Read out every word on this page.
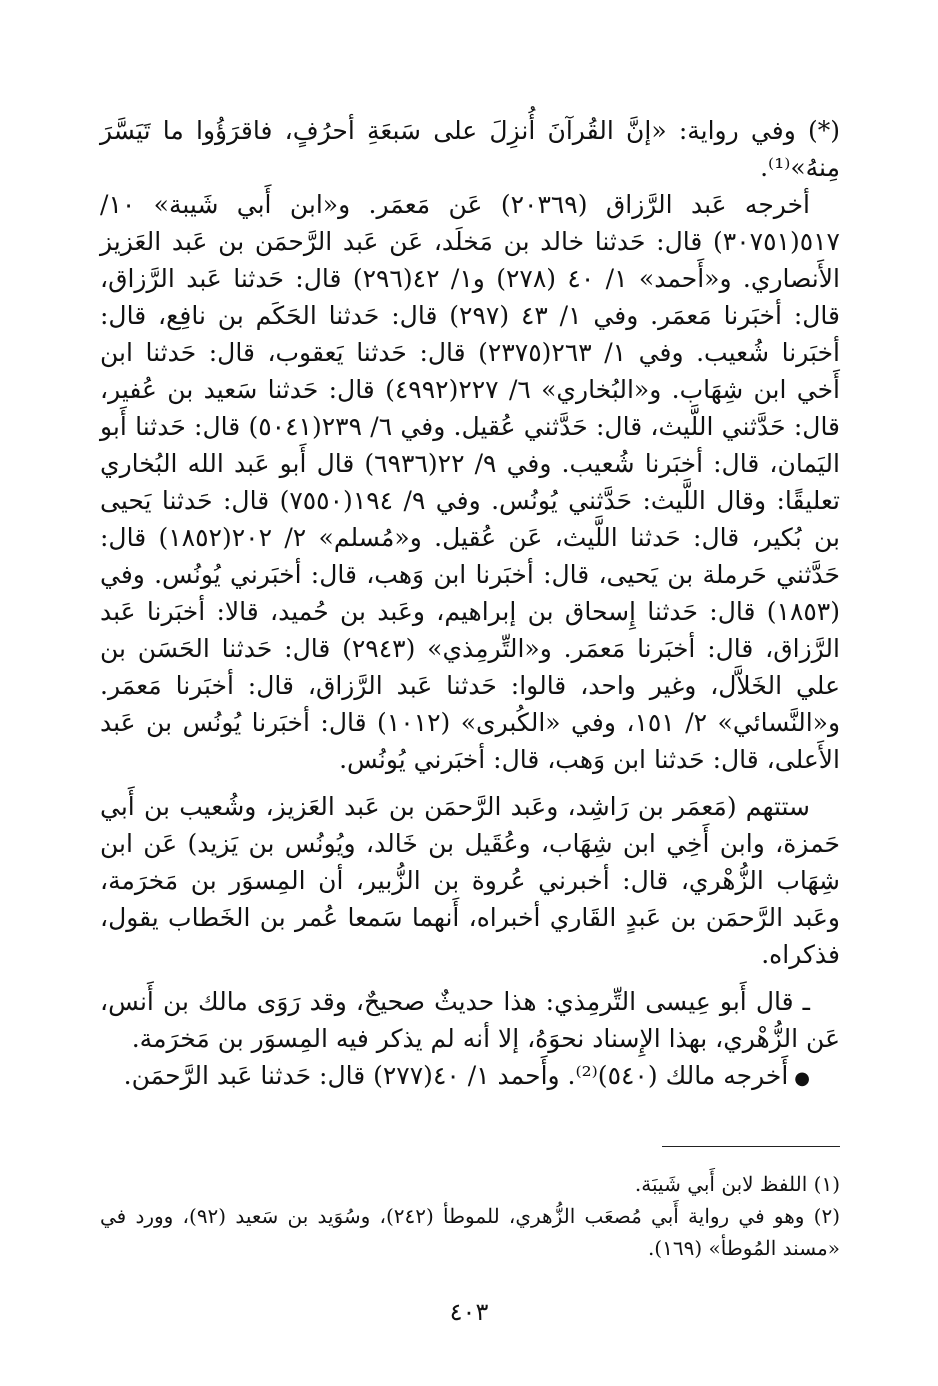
(*) وفي رواية: «إنَّ القُرآنَ أُنزِلَ على سَبعَةِ أحرُفٍ، فاقرَؤُوا ما تَيَسَّرَ مِنهُ»⁽¹⁾.

أخرجه عَبد الرَّزاق (٢٠٣٦٩) عَن مَعمَر. و«ابن أَبي شَيبة» ١٠/ ٥١٧(٣٠٧٥١) قال: حَدثنا خالد بن مَخلَد، عَن عَبد الرَّحمَن بن عَبد العَزيز الأَنصاري. و«أَحمد» ١/ ٤٠ (٢٧٨) و١/ ٤٢(٢٩٦) قال: حَدثنا عَبد الرَّزاق، قال: أخبَرنا مَعمَر. وفي ١/ ٤٣ (٢٩٧) قال: حَدثنا الحَكَم بن نافِع، قال: أخبَرنا شُعيب. وفي ١/ ٢٦٣(٢٣٧٥) قال: حَدثنا يَعقوب، قال: حَدثنا ابن أَخي ابن شِهَاب. و«البُخاري» ٦/ ٢٢٧(٤٩٩٢) قال: حَدثنا سَعيد بن عُفير، قال: حَدَّثني اللَّيث، قال: حَدَّثني عُقيل. وفي ٦/ ٢٣٩(٥٠٤١) قال: حَدثنا أَبو اليَمان، قال: أخبَرنا شُعيب. وفي ٩/ ٢٢(٦٩٣٦) قال أَبو عَبد الله البُخاري تعليقًا: وقال اللَّيث: حَدَّثني يُونُس. وفي ٩/ ١٩٤(٧٥٥٠) قال: حَدثنا يَحيى بن بُكير، قال: حَدثنا اللَّيث، عَن عُقيل. و«مُسلم» ٢/ ٢٠٢(١٨٥٢) قال: حَدَّثني حَرملة بن يَحيى، قال: أخبَرنا ابن وَهب، قال: أخبَرني يُونُس. وفي (١٨٥٣) قال: حَدثنا إِسحاق بن إبراهيم، وعَبد بن حُميد، قالا: أخبَرنا عَبد الرَّزاق، قال: أخبَرنا مَعمَر. و«التِّرمِذي» (٢٩٤٣) قال: حَدثنا الحَسَن بن علي الخَلاَّل، وغير واحد، قالوا: حَدثنا عَبد الرَّزاق، قال: أخبَرنا مَعمَر. و«النَّسائي» ٢/ ١٥١، وفي «الكُبرى» (١٠١٢) قال: أخبَرنا يُونُس بن عَبد الأَعلى، قال: حَدثنا ابن وَهب، قال: أخبَرني يُونُس.

ستتهم (مَعمَر بن رَاشِد، وعَبد الرَّحمَن بن عَبد العَزيز، وشُعيب بن أَبي حَمزة، وابن أَخِي ابن شِهَاب، وعُقَيل بن خَالد، ويُونُس بن يَزيد) عَن ابن شِهَاب الزُّهْري، قال: أخبرني عُروة بن الزُّبير، أن المِسوَر بن مَخرَمة، وعَبد الرَّحمَن بن عَبدٍ القَاري أخبراه، أَنهما سَمعا عُمر بن الخَطاب يقول، فذكراه.

ـ قال أَبو عِيسى التِّرمِذي: هذا حديثٌ صحيحٌ، وقد رَوَى مالك بن أَنس، عَن الزُّهْري، بهذا الإِسناد نحوَهُ، إلا أنه لم يذكر فيه المِسوَر بن مَخرَمة.

●أَخرجه مالك (٥٤٠)⁽²⁾. وأَحمد ١/ ٤٠(٢٧٧) قال: حَدثنا عَبد الرَّحمَن.

(١) اللفظ لابن أَبي شَيبَة.

(٢) وهو في رواية أَبي مُصعَب الزُّهري، للموطأ (٢٤٢)، وسُوَيد بن سَعيد (٩٢)، وورد في «مسند المُوطأ» (١٦٩).

٤٠٣
